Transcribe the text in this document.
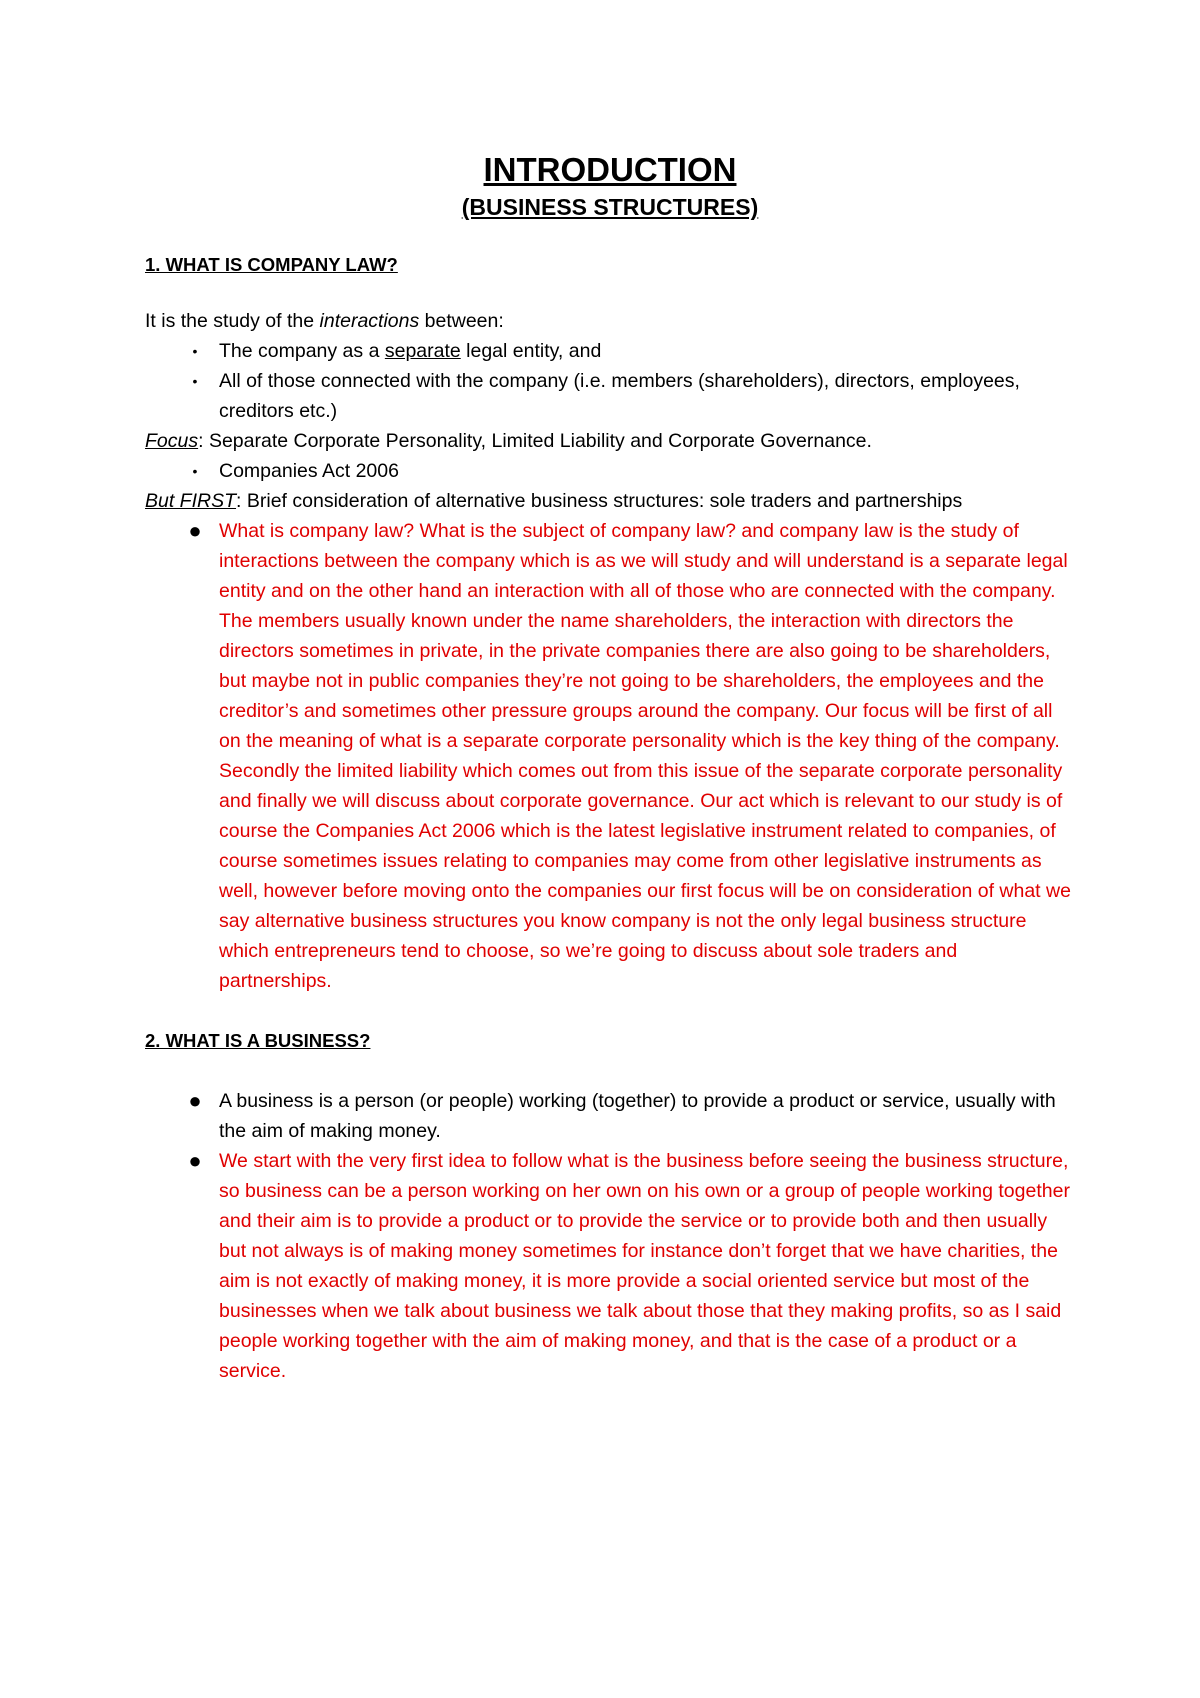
INTRODUCTION
(BUSINESS STRUCTURES)
1. WHAT IS COMPANY LAW?

It is the study of the interactions between:

•	The company as a separate legal entity, and
•	All of those connected with the company (i.e. members (shareholders), directors, employees, creditors etc.)

Focus: Separate Corporate Personality, Limited Liability and Corporate Governance.

•	Companies Act 2006

But FIRST: Brief consideration of alternative business structures: sole traders and partnerships

● What is company law? What is the subject of company law? and company law is the study of interactions between the company which is as we will study and will understand is a separate legal entity and on the other hand an interaction with all of those who are connected with the company. The members usually known under the name shareholders, the interaction with directors the directors sometimes in private, in the private companies there are also going to be shareholders, but maybe not in public companies they’re not going to be shareholders, the employees and the creditor’s and sometimes other pressure groups around the company. Our focus will be first of all on the meaning of what is a separate corporate personality which is the key thing of the company. Secondly the limited liability which comes out from this issue of the separate corporate personality and finally we will discuss about corporate governance. Our act which is relevant to our study is of course the Companies Act 2006 which is the latest legislative instrument related to companies, of course sometimes issues relating to companies may come from other legislative instruments as well, however before moving onto the companies our first focus will be on consideration of what we say alternative business structures you know company is not the only legal business structure which entrepreneurs tend to choose, so we’re going to discuss about sole traders and partnerships.
2. WHAT IS A BUSINESS?
● A business is a person (or people) working (together) to provide a product or service, usually with the aim of making money.
● We start with the very first idea to follow what is the business before seeing the business structure, so business can be a person working on her own on his own or a group of people working together and their aim is to provide a product or to provide the service or to provide both and then usually but not always is of making money sometimes for instance don’t forget that we have charities, the aim is not exactly of making money, it is more provide a social oriented service but most of the businesses when we talk about business we talk about those that they making profits, so as I said people working together with the aim of making money, and that is the case of a product or a service.
